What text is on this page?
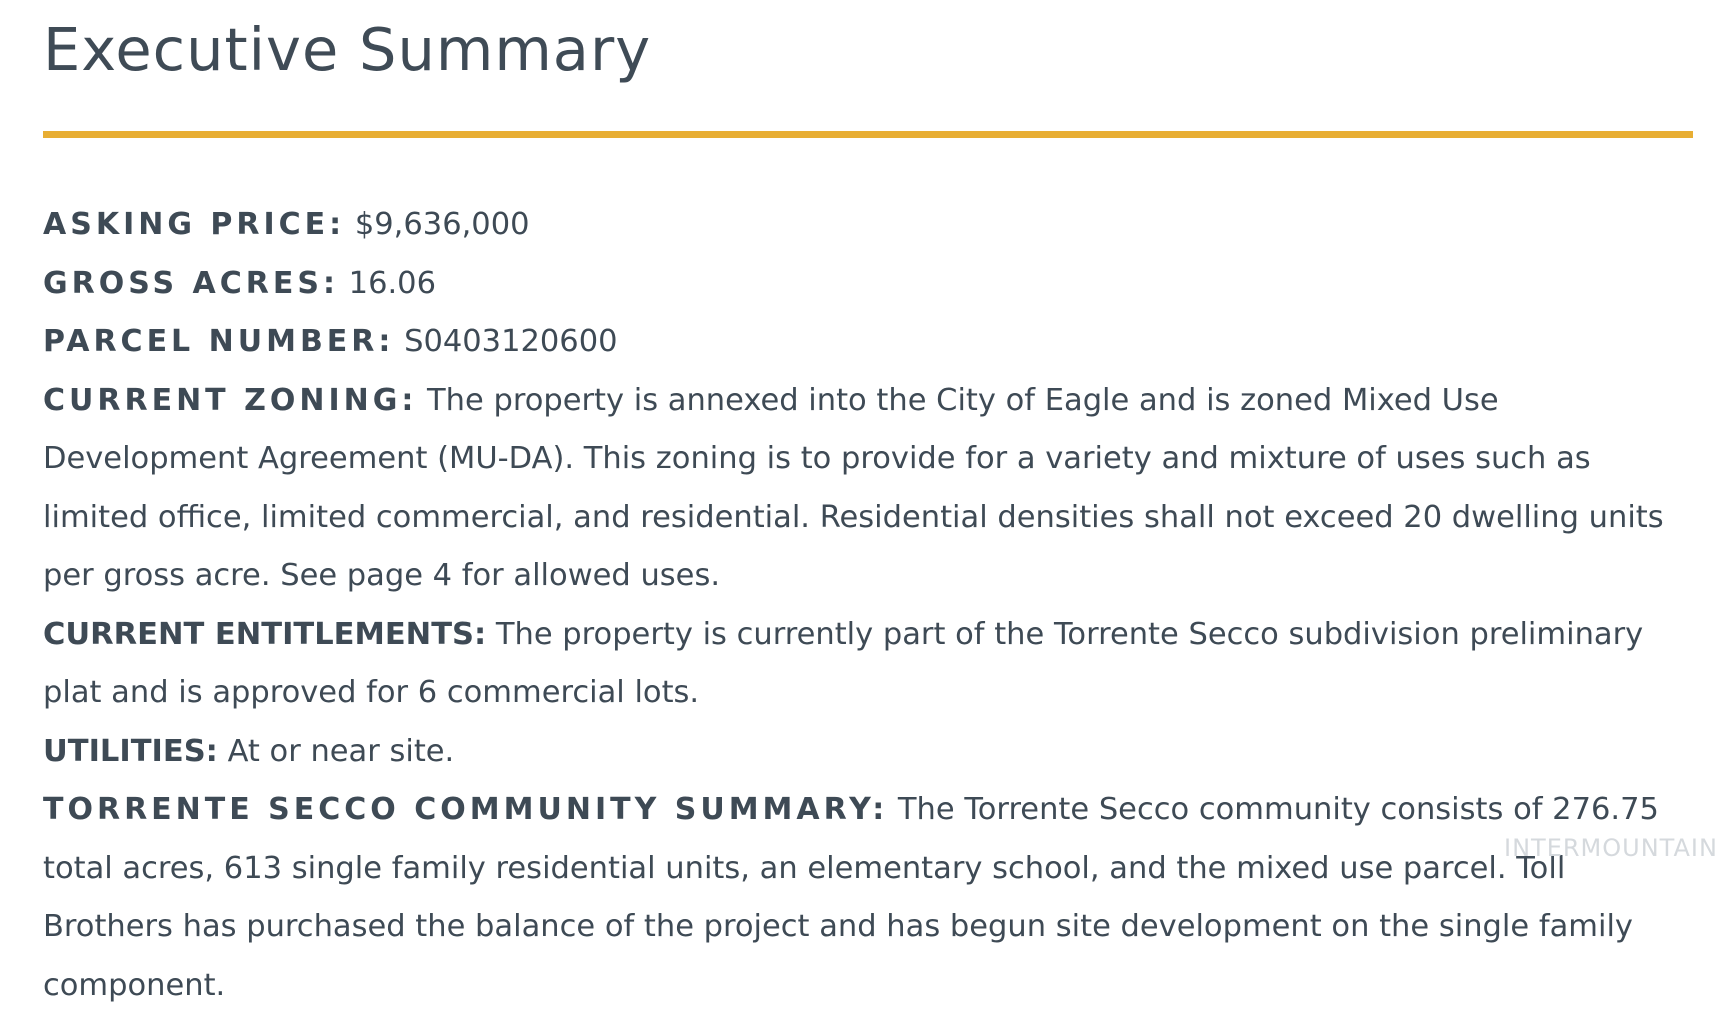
Executive Summary

ASKING PRICE: $9,636,000

GROSS ACRES: 16.06

PARCEL NUMBER: S0403120600

CURRENT ZONING: The property is annexed into the City of Eagle and is zoned Mixed Use Development Agreement (MU-DA). This zoning is to provide for a variety and mixture of uses such as limited office, limited commercial, and residential. Residential densities shall not exceed 20 dwelling units per gross acre. See page 4 for allowed uses.

CURRENT ENTITLEMENTS: The property is currently part of the Torrente Secco subdivision preliminary plat and is approved for 6 commercial lots.

UTILITIES: At or near site.

TORRENTE SECCO COMMUNITY SUMMARY: The Torrente Secco community consists of 276.75 total acres, 613 single family residential units, an elementary school, and the mixed use parcel. Toll Brothers has purchased the balance of the project and has begun site development on the single family component.

INTERMOUNTAIN
